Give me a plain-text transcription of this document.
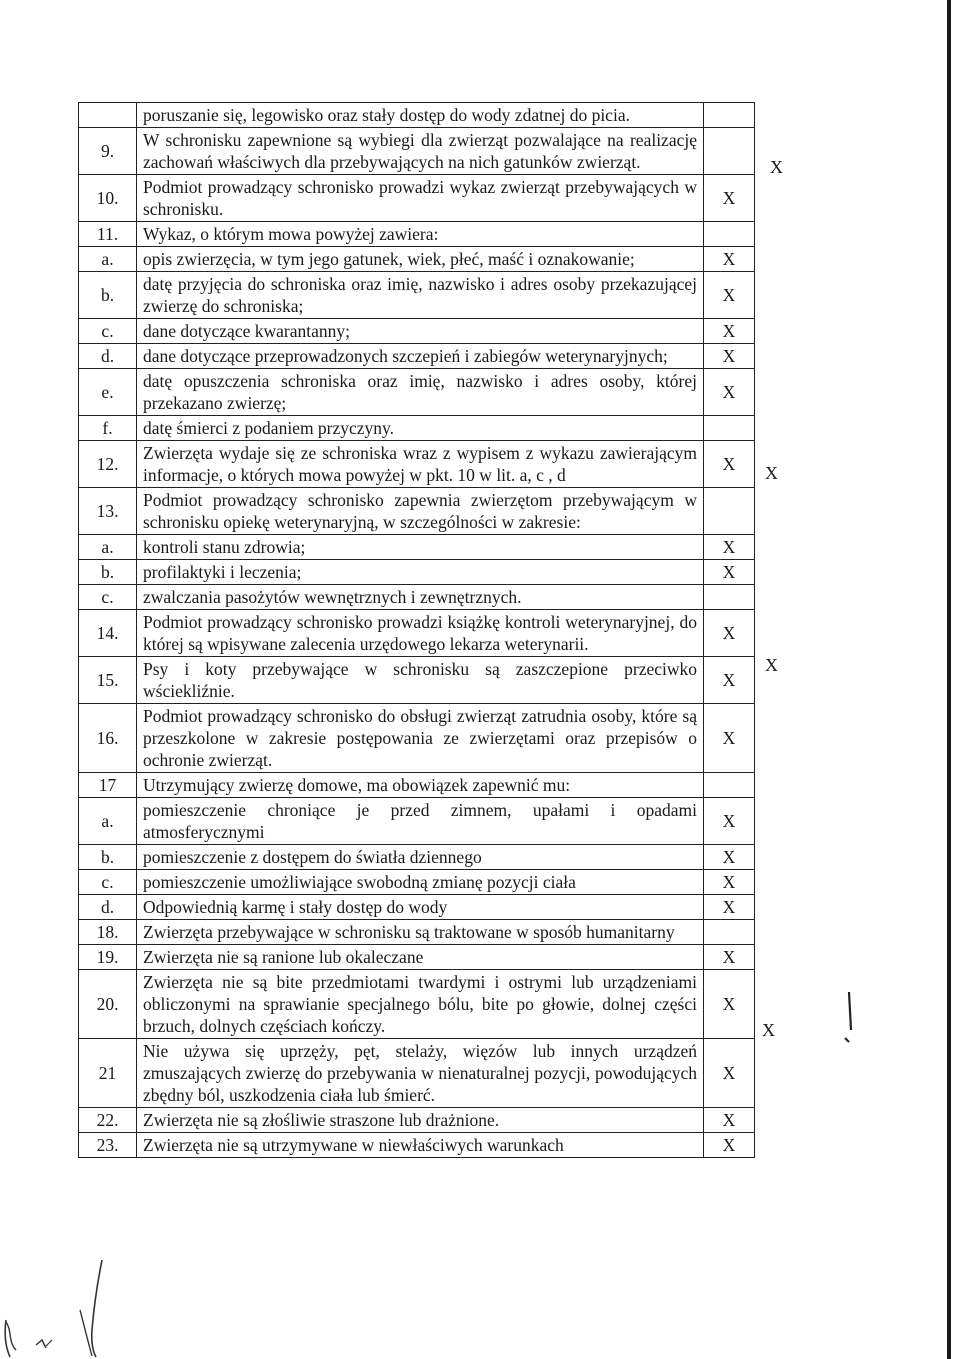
	poruszanie się, legowisko oraz stały dostęp do wody zdatnej do picia.	
9.	W schronisku zapewnione są wybiegi dla zwierząt pozwalające na realizację zachowań właściwych dla przebywających na nich gatunków zwierząt.	
10.	Podmiot prowadzący schronisko prowadzi wykaz zwierząt przebywających w schronisku.	X
11.	Wykaz, o którym mowa powyżej zawiera:	
a.	opis zwierzęcia, w tym jego gatunek, wiek, płeć, maść i oznakowanie;	X
b.	datę przyjęcia do schroniska oraz imię, nazwisko i adres osoby przekazującej zwierzę do schroniska;	X
c.	dane dotyczące kwarantanny;	X
d.	dane dotyczące przeprowadzonych szczepień i zabiegów weterynaryjnych;	X
e.	datę opuszczenia schroniska oraz imię, nazwisko i adres osoby, której przekazano zwierzę;	X
f.	datę śmierci z podaniem przyczyny.	
12.	Zwierzęta wydaje się ze schroniska wraz z wypisem z wykazu zawierającym informacje, o których mowa powyżej w pkt. 10 w lit. a, c , d	X
13.	Podmiot prowadzący schronisko zapewnia zwierzętom przebywającym w schronisku opiekę weterynaryjną, w szczególności w zakresie:	
a.	kontroli stanu zdrowia;	X
b.	profilaktyki i leczenia;	X
c.	zwalczania pasożytów wewnętrznych i zewnętrznych.	
14.	Podmiot prowadzący schronisko prowadzi książkę kontroli weterynaryjnej, do której są wpisywane zalecenia urzędowego lekarza weterynarii.	X
15.	Psy i koty przebywające w schronisku są zaszczepione przeciwko wściekliźnie.	X
16.	Podmiot prowadzący schronisko do obsługi zwierząt zatrudnia osoby, które są przeszkolone w zakresie postępowania ze zwierzętami oraz przepisów o ochronie zwierząt.	X
17	Utrzymujący zwierzę domowe, ma obowiązek zapewnić mu:	
a.	pomieszczenie chroniące je przed zimnem, upałami i opadami atmosferycznymi	X
b.	pomieszczenie z dostępem do światła dziennego	X
c.	pomieszczenie umożliwiające swobodną zmianę pozycji ciała	X
d.	Odpowiednią karmę i stały dostęp do wody	X
18.	Zwierzęta przebywające w schronisku są traktowane w sposób humanitarny	
19.	Zwierzęta nie są ranione lub okaleczane	X
20.	Zwierzęta nie są bite przedmiotami twardymi i ostrymi lub urządzeniami obliczonymi na sprawianie specjalnego bólu, bite po głowie, dolnej części brzuch, dolnych częściach kończy.	X
21	Nie używa się uprzęży, pęt, stelaży, więzów lub innych urządzeń zmuszających zwierzę do przebywania w nienaturalnej pozycji, powodujących zbędny ból, uszkodzenia ciała lub śmierć.	X
22.	Zwierzęta nie są złośliwie straszone lub drażnione.	X
23.	Zwierzęta nie są utrzymywane w niewłaściwych warunkach	X
X
X
X
X
